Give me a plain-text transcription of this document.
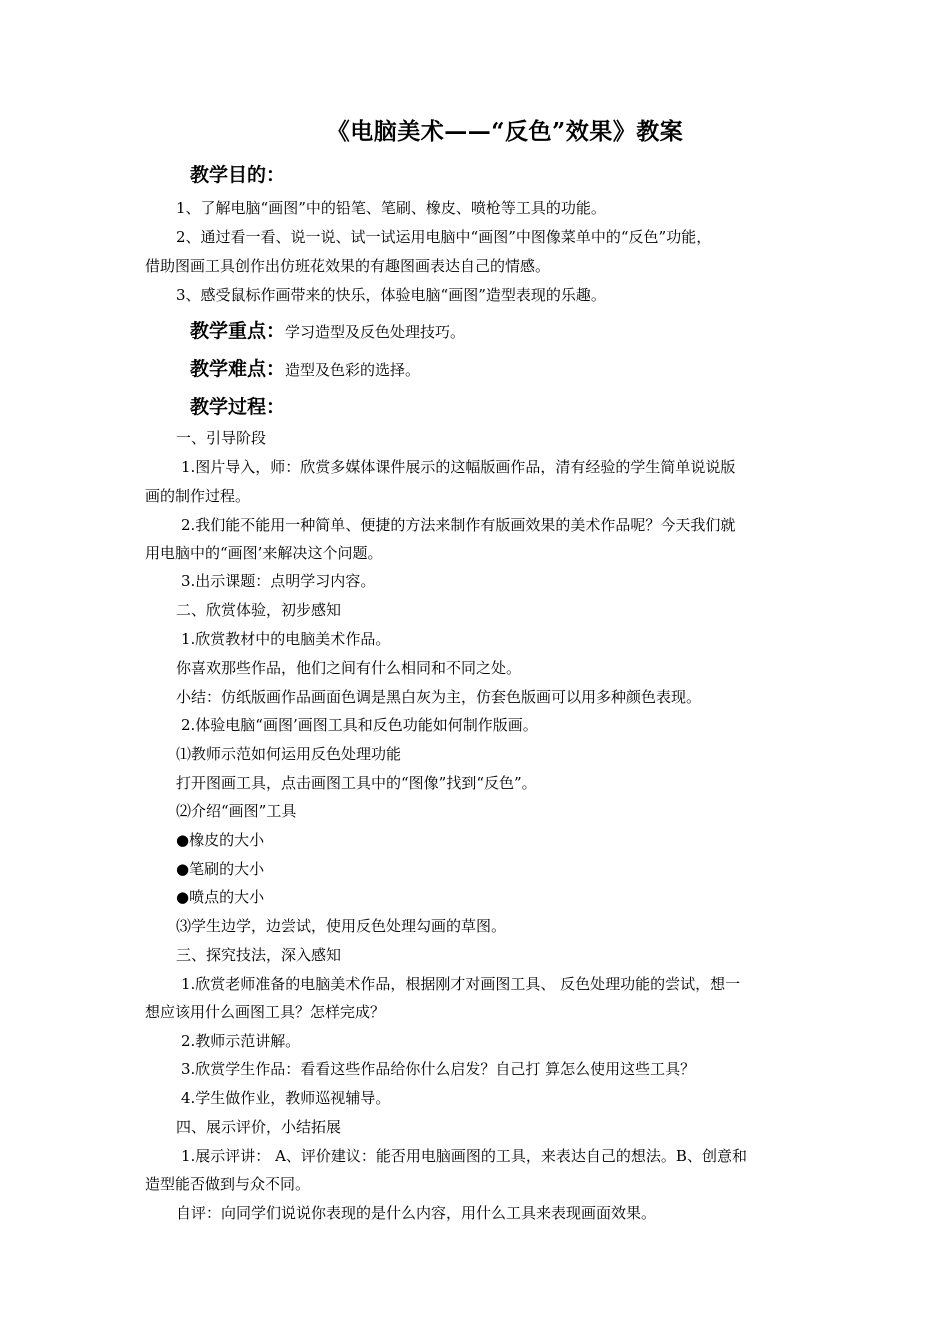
《电脑美术——“反色”效果》教案
教学目的：
1、了解电脑“画图”中的铅笔、笔刷、橡皮、喷枪等工具的功能。
2、通过看一看、说一说、试一试运用电脑中“画图”中图像菜单中的“反色”功能，
借助图画工具创作出仿班花效果的有趣图画表达自己的情感。
3、感受鼠标作画带来的快乐，体验电脑“画图”造型表现的乐趣。
教学重点：学习造型及反色处理技巧。
教学难点：造型及色彩的选择。
教学过程：
一、引导阶段
1.图片导入，师：欣赏多媒体课件展示的这幅版画作品，清有经验的学生简单说说版
画的制作过程。
2.我们能不能用一种简单、便捷的方法来制作有版画效果的美术作品呢？今天我们就
用电脑中的“画图’来解决这个问题。
3.出示课题：点明学习内容。
二、欣赏体验，初步感知
1.欣赏教材中的电脑美术作品。
你喜欢那些作品，他们之间有什么相同和不同之处。
小结：仿纸版画作品画面色调是黑白灰为主，仿套色版画可以用多种颜色表现。
2.体验电脑“画图’画图工具和反色功能如何制作版画。
⑴教师示范如何运用反色处理功能
打开图画工具，点击画图工具中的“图像”找到“反色”。
⑵介绍“画图”工具
●橡皮的大小
●笔刷的大小
●喷点的大小
⑶学生边学，边尝试，使用反色处理勾画的草图。
三、探究技法，深入感知
1.欣赏老师准备的电脑美术作品，根据刚才对画图工具、 反色处理功能的尝试，想一
想应该用什么画图工具？怎样完成？
2.教师示范讲解。
3.欣赏学生作品：看看这些作品给你什么启发？自己打 算怎么使用这些工具？
4.学生做作业，教师巡视辅导。
四、展示评价，小结拓展
1.展示评讲： A、评价建议：能否用电脑画图的工具，来表达自己的想法。B、创意和
造型能否做到与众不同。
自评：向同学们说说你表现的是什么内容，用什么工具来表现画面效果。
